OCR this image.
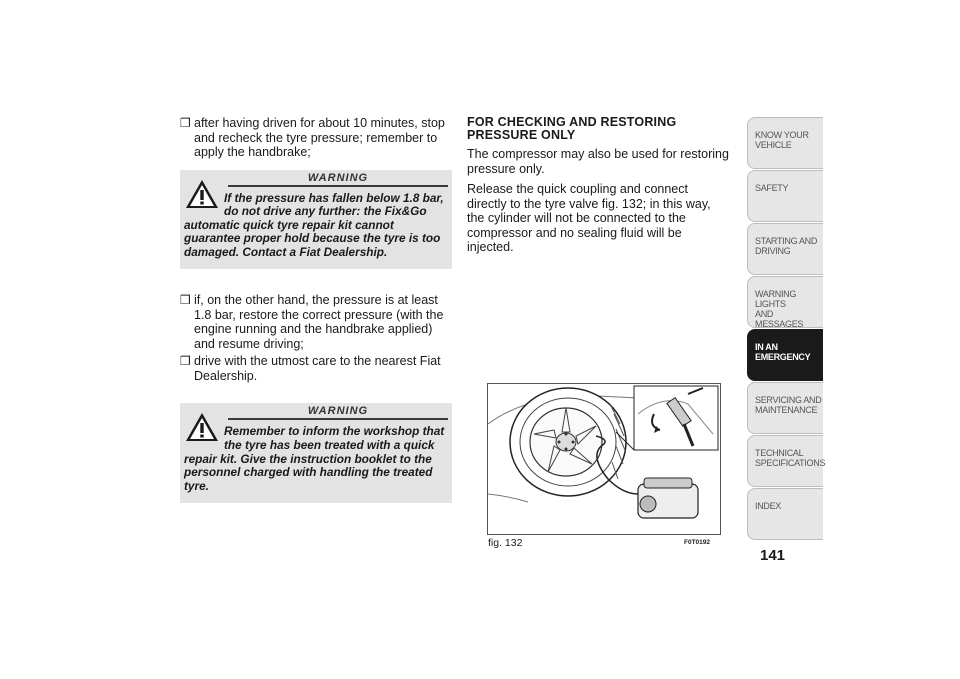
❒ after having driven for about 10 minutes, stop and recheck the tyre pressure; remember to apply the handbrake;
WARNING
If the pressure has fallen below 1.8 bar, do not drive any further: the Fix&Go
automatic quick tyre repair kit cannot guarantee proper hold because the tyre is too damaged. Contact a Fiat Dealership.
❒ if, on the other hand, the pressure is at least 1.8 bar, restore the correct pressure (with the engine running and the handbrake applied) and resume driving;
❒ drive with the utmost care to the nearest Fiat Dealership.
WARNING
Remember to inform the workshop that the tyre has been treated with a quick
repair kit. Give the instruction booklet to the personnel charged with handling the treated tyre.
FOR CHECKING AND RESTORING
PRESSURE ONLY

The compressor may also be used for restoring pressure only.

Release the quick coupling and connect directly to the tyre valve fig. 132; in this way, the cylinder will not be connected to the compressor and no sealing fluid will be injected.

fig. 132	F0T0192
KNOW YOUR
VEHICLE
SAFETY
STARTING AND
DRIVING
WARNING LIGHTS
AND MESSAGES
IN AN
EMERGENCY
SERVICING AND
MAINTENANCE
TECHNICAL
SPECIFICATIONS
INDEX
141
